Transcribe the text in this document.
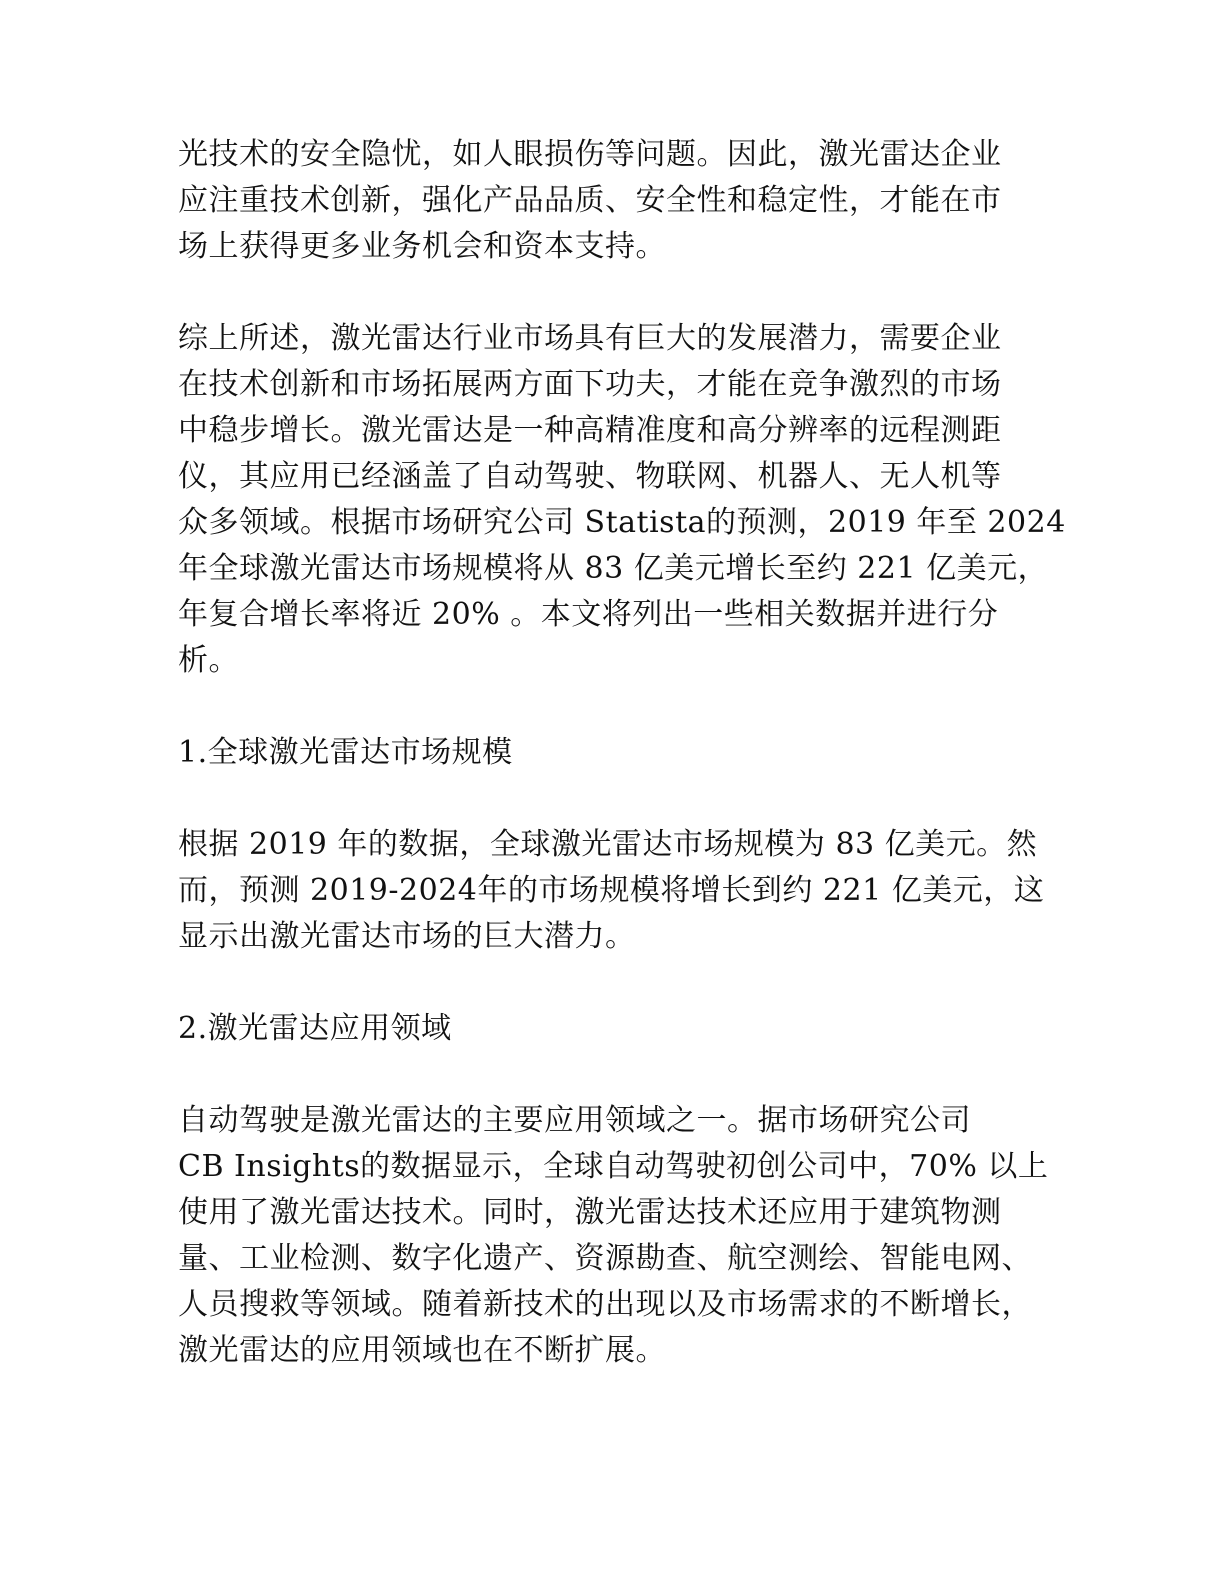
光技术的安全隐忧，如人眼损伤等问题。因此，激光雷达企业
应注重技术创新，强化产品品质、安全性和稳定性，才能在市
场上获得更多业务机会和资本支持。
综上所述，激光雷达行业市场具有巨大的发展潜力，需要企业
在技术创新和市场拓展两方面下功夫，才能在竞争激烈的市场
中稳步增长。激光雷达是一种高精准度和高分辨率的远程测距
仪，其应用已经涵盖了自动驾驶、物联网、机器人、无人机等
众多领域。根据市场研究公司 Statista的预测，2019 年至 2024
年全球激光雷达市场规模将从 83 亿美元增长至约 221 亿美元，
年复合增长率将近 20% 。本文将列出一些相关数据并进行分
析。
1.全球激光雷达市场规模
根据 2019 年的数据，全球激光雷达市场规模为 83 亿美元。然
而，预测 2019-2024年的市场规模将增长到约 221 亿美元，这
显示出激光雷达市场的巨大潜力。
2.激光雷达应用领域
自动驾驶是激光雷达的主要应用领域之一。据市场研究公司
CB Insights的数据显示，全球自动驾驶初创公司中，70% 以上
使用了激光雷达技术。同时，激光雷达技术还应用于建筑物测
量、工业检测、数字化遗产、资源勘查、航空测绘、智能电网、
人员搜救等领域。随着新技术的出现以及市场需求的不断增长，
激光雷达的应用领域也在不断扩展。
